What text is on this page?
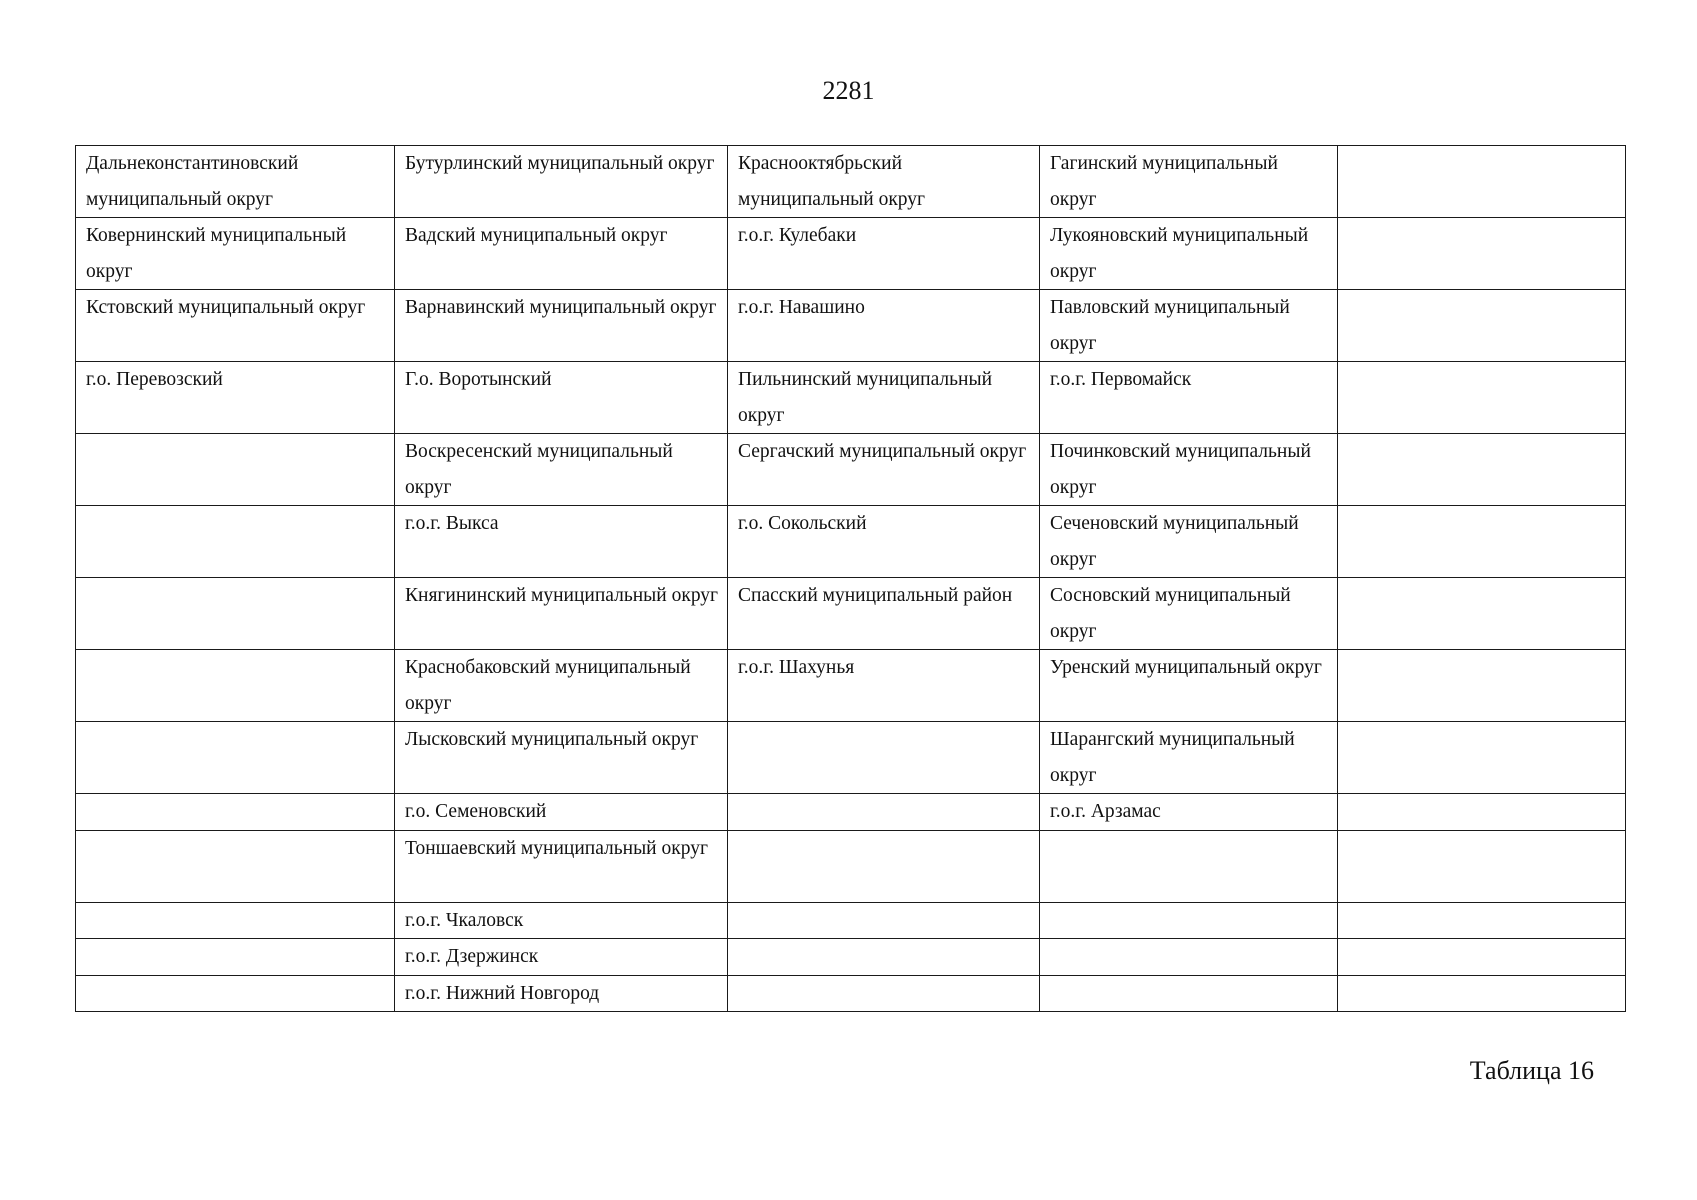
2281
Дальнеконстантиновский муниципальный округ	Бутурлинский муниципальный округ	Краснооктябрьский муниципальный округ	Гагинский муниципальный округ	
Ковернинский муниципальный округ	Вадский муниципальный округ	г.о.г. Кулебаки	Лукояновский муниципальный округ	
Кстовский муниципальный округ	Варнавинский муниципальный округ	г.о.г. Навашино	Павловский муниципальный округ	
г.о. Перевозский	Г.о. Воротынский	Пильнинский муниципальный округ	г.о.г. Первомайск	
	Воскресенский муниципальный округ	Сергачский муниципальный округ	Починковский муниципальный округ	
	г.о.г. Выкса	г.о. Сокольский	Сеченовский муниципальный округ	
	Княгининский муниципальный округ	Спасский муниципальный район	Сосновский муниципальный округ	
	Краснобаковский муниципальный округ	г.о.г. Шахунья	Уренский муниципальный округ	
	Лысковский муниципальный округ		Шарангский муниципальный округ	
	г.о. Семеновский		г.о.г. Арзамас	
	Тоншаевский муниципальный округ			
	г.о.г. Чкаловск			
	г.о.г. Дзержинск			
	г.о.г. Нижний Новгород			
Таблица 16
